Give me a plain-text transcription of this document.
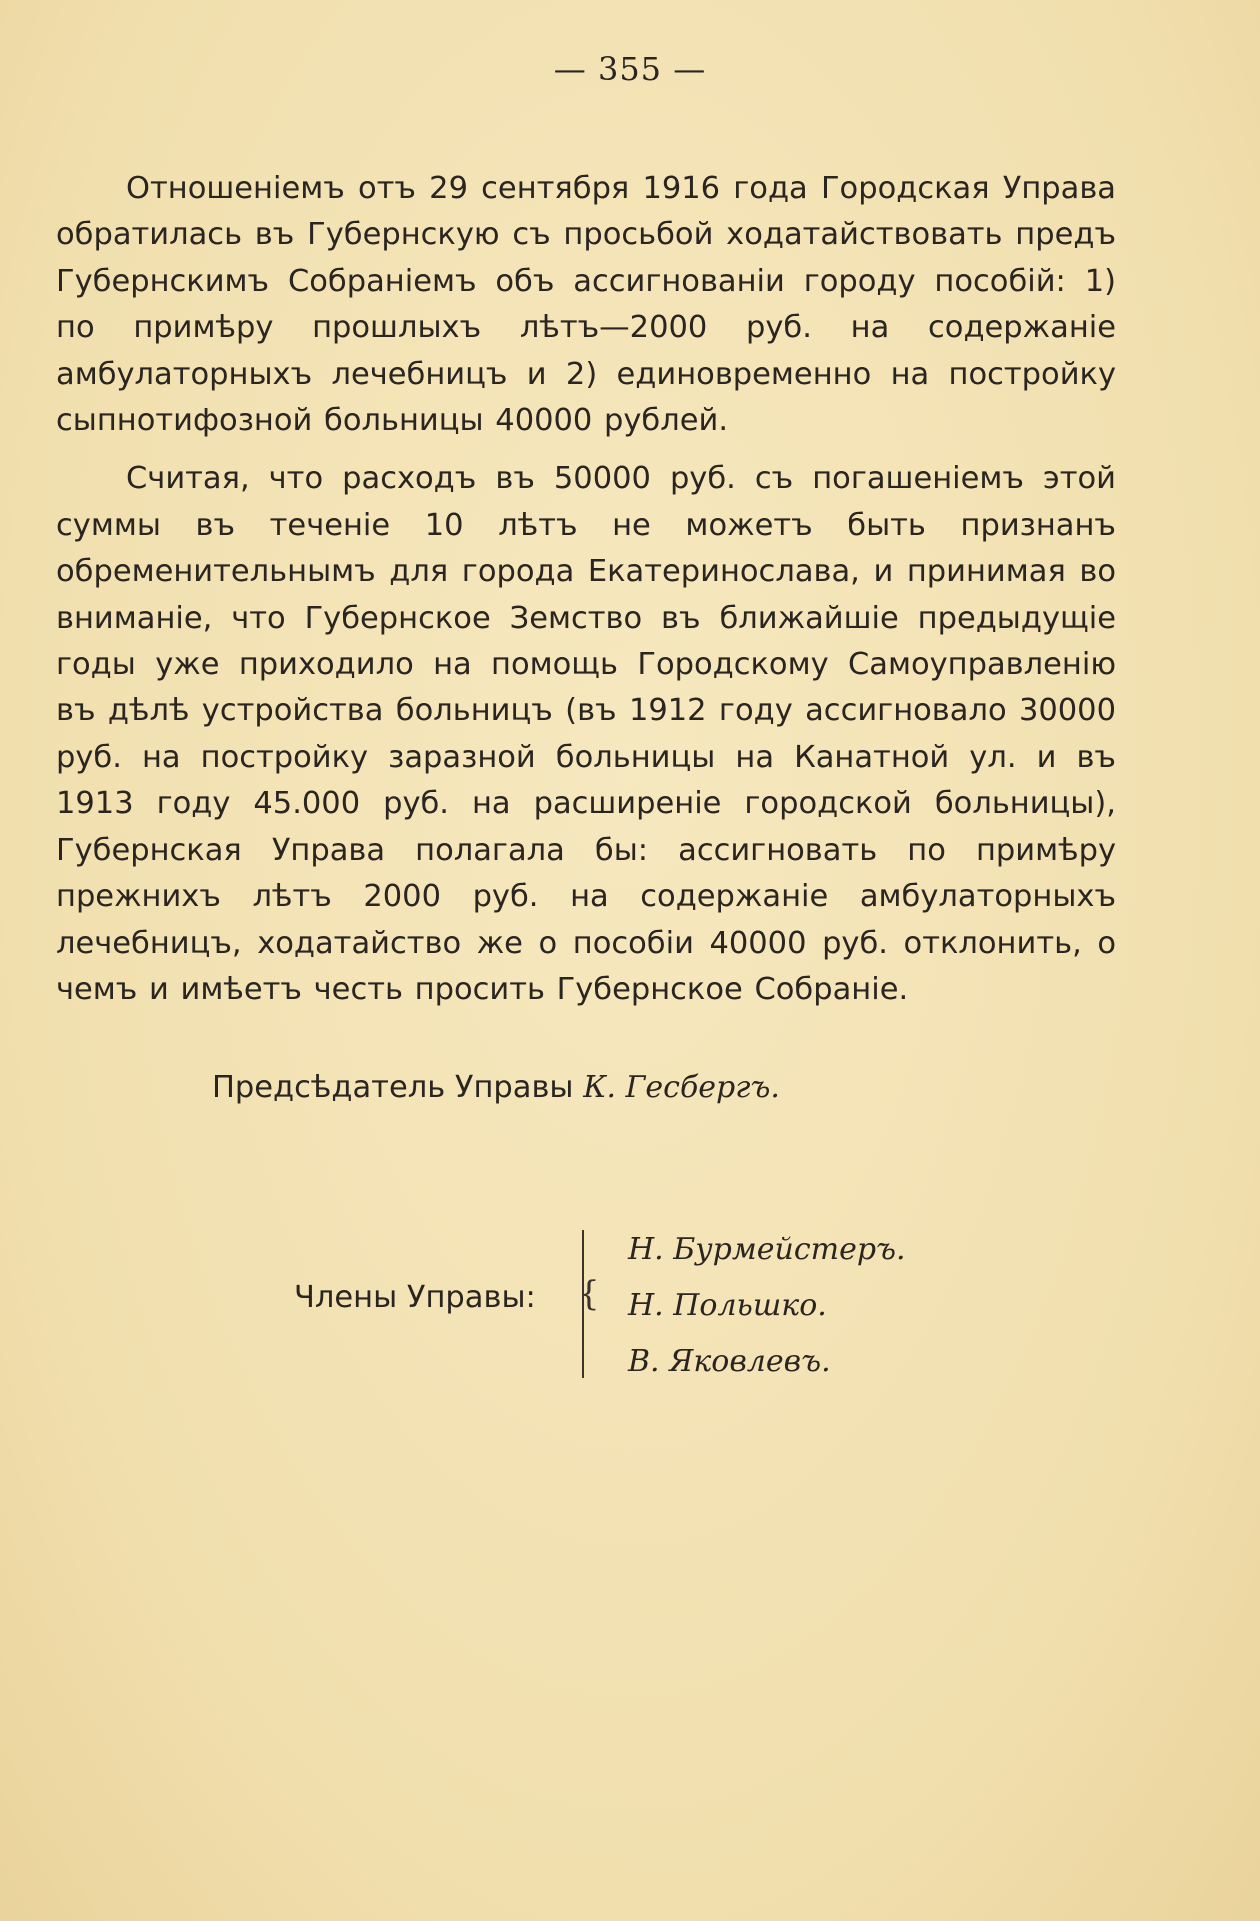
— 355 —

Отношенiемъ отъ 29 сентября 1916 года Городская Управа обратилась въ Губернскую съ просьбой ходатайствовать предъ Губернскимъ Собранiемъ объ ассигнованiи городу пособiй: 1) по примѣру прошлыхъ лѣтъ—2000 руб. на содержанiе амбулаторныхъ лечебницъ и 2) единовременно на постройку сыпнотифозной больницы 40000 рублей.

Считая, что расходъ въ 50000 руб. съ погашенiемъ этой суммы въ теченiе 10 лѣтъ не можетъ быть признанъ обременительнымъ для города Екатеринослава, и принимая во вниманiе, что Губернское Земство въ ближайшiе предыдущiе годы уже приходило на помощь Городскому Самоуправленiю въ дѣлѣ устройства больницъ (въ 1912 году ассигновало 30000 руб. на постройку заразной больницы на Канатной ул. и въ 1913 году 45.000 руб. на расширенiе городской больницы), Губернская Управа полагала бы: ассигновать по примѣру прежнихъ лѣтъ 2000 руб. на содержанiе амбулаторныхъ лечебницъ, ходатайство же о пособiи 40000 руб. отклонить, о чемъ и имѣетъ честь просить Губернское Собранiе.

Предсѣдатель Управы К. Гесбергъ.
Члены Управы: {
Н. Бурмейстеръ.
Н. Польшко.
В. Яковлевъ.
